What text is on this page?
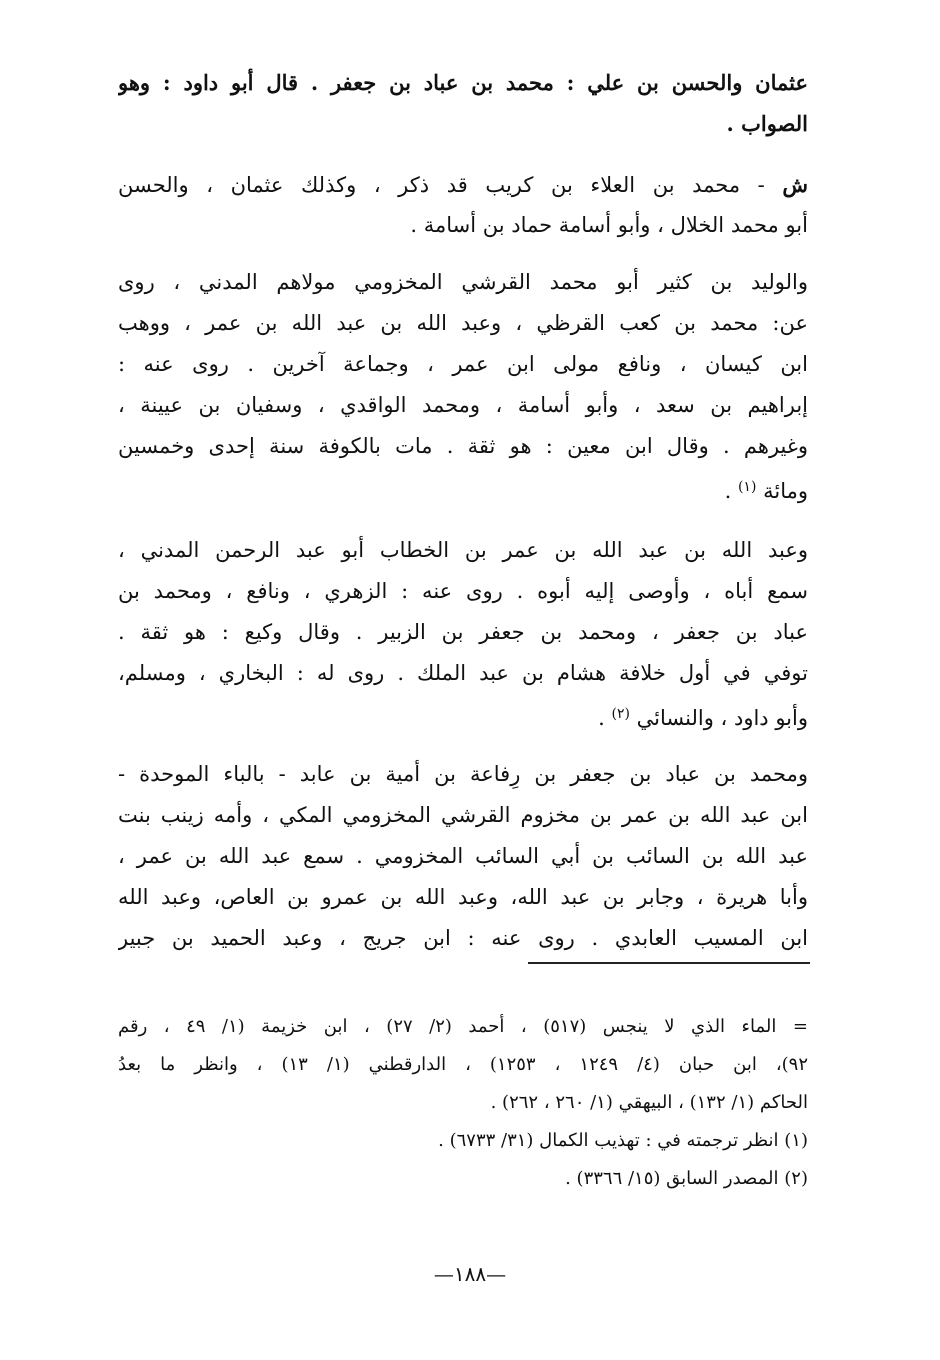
عثمان والحسن بن علي : محمد بن عباد بن جعفر . قال أبو داود : وهو
الصواب .
ش - محمد بن العلاء بن كريب قد ذكر ، وكذلك عثمان ، والحسن
أبو محمد الخلال ، وأبو أسامة حماد بن أسامة .
والوليد بن كثير أبو محمد القرشي المخزومي مولاهم المدني ، روى
عن: محمد بن كعب القرظي ، وعبد الله بن عبد الله بن عمر ، ووهب
ابن كيسان ، ونافع مولى ابن عمر ، وجماعة آخرين . روى عنه :
إبراهيم بن سعد ، وأبو أسامة ، ومحمد الواقدي ، وسفيان بن عيينة ،
وغيرهم . وقال ابن معين : هو ثقة . مات بالكوفة سنة إحدى وخمسين
ومائة $^{(١)}$ .
وعبد الله بن عبد الله بن عمر بن الخطاب أبو عبد الرحمن المدني ،
سمع أباه ، وأوصى إليه أبوه . روى عنه : الزهري ، ونافع ، ومحمد بن
عباد بن جعفر ، ومحمد بن جعفر بن الزبير . وقال وكيع : هو ثقة .
توفي في أول خلافة هشام بن عبد الملك . روى له : البخاري ، ومسلم،
وأبو داود ، والنسائي $^{(٢)}$ .
ومحمد بن عباد بن جعفر بن رِفاعة بن أمية بن عابد - بالباء الموحدة -
ابن عبد الله بن عمر بن مخزوم القرشي المخزومي المكي ، وأمه زينب بنت
عبد الله بن السائب بن أبي السائب المخزومي . سمع عبد الله بن عمر ،
وأبا هريرة ، وجابر بن عبد الله، وعبد الله بن عمرو بن العاص، وعبد الله
ابن المسيب العابدي . روى عنه : ابن جريج ، وعبد الحميد بن جبير
= الماء الذي لا ينجس (٥١٧) ، أحمد (٢/ ٢٧) ، ابن خزيمة (١/ ٤٩ ، رقم
٩٢)، ابن حبان (٤/ ١٢٤٩ ، ١٢٥٣) ، الدارقطني (١/ ١٣) ، وانظر ما بعدُ
الحاكم (١/ ١٣٢) ، البيهقي (١/ ٢٦٠ ، ٢٦٢) .
(١) انظر ترجمته في : تهذيب الكمال (٣١/ ٦٧٣٣) .
(٢) المصدر السابق (١٥/ ٣٣٦٦) .
—١٨٨—
